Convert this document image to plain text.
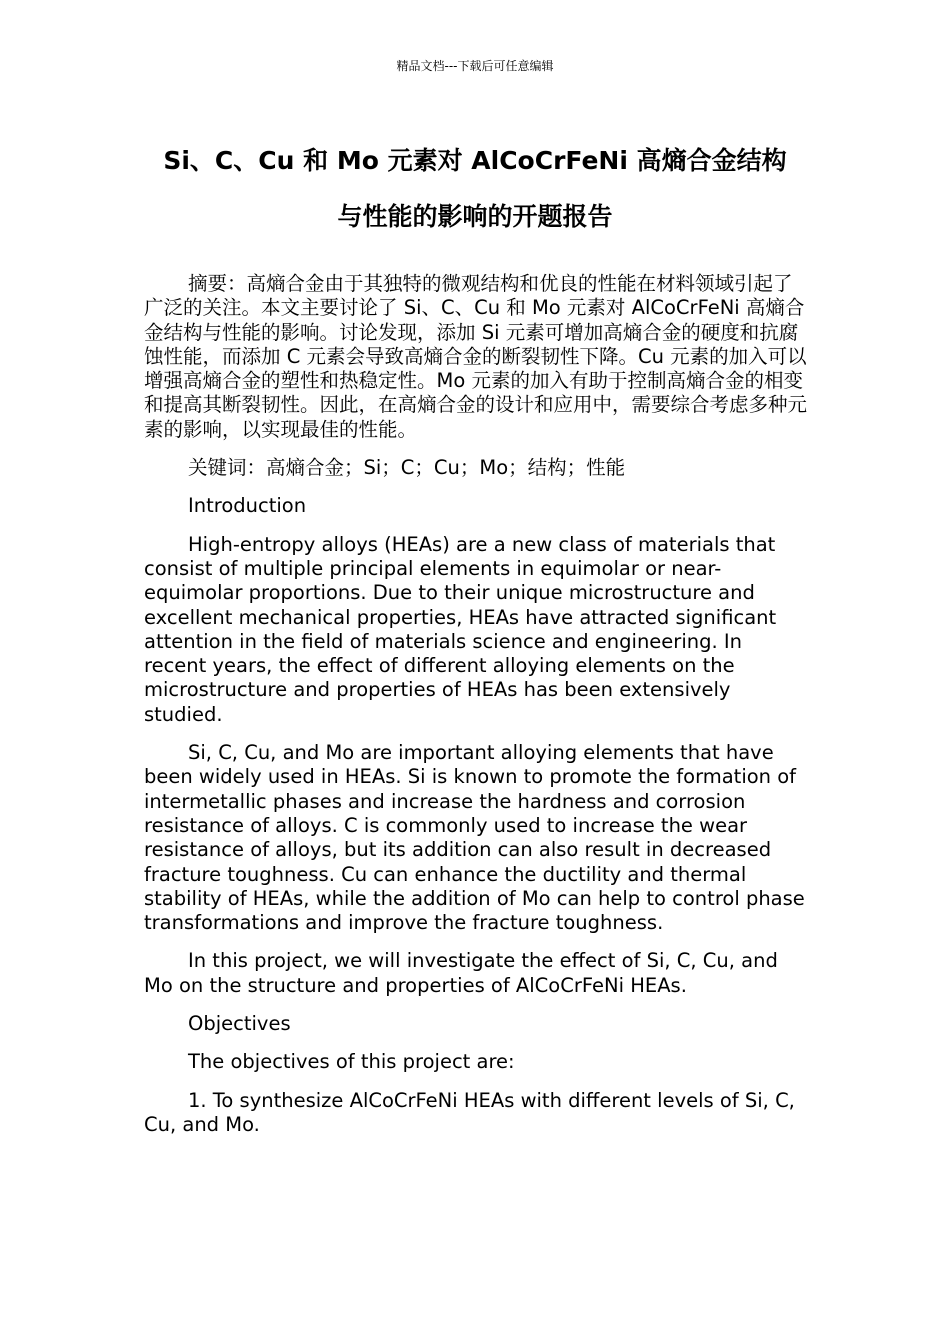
精品文档---下载后可任意编辑
Si、C、Cu 和 Mo 元素对 AlCoCrFeNi 高熵合金结构
与性能的影响的开题报告

摘要：高熵合金由于其独特的微观结构和优良的性能在材料领域引起了广泛的关注。本文主要讨论了 Si、C、Cu 和 Mo 元素对 AlCoCrFeNi 高熵合金结构与性能的影响。讨论发现，添加 Si 元素可增加高熵合金的硬度和抗腐蚀性能，而添加 C 元素会导致高熵合金的断裂韧性下降。Cu 元素的加入可以增强高熵合金的塑性和热稳定性。Mo 元素的加入有助于控制高熵合金的相变和提高其断裂韧性。因此，在高熵合金的设计和应用中，需要综合考虑多种元素的影响，以实现最佳的性能。

关键词：高熵合金；Si；C；Cu；Mo；结构；性能

Introduction

High-entropy alloys (HEAs) are a new class of materials that consist of multiple principal elements in equimolar or near-equimolar proportions. Due to their unique microstructure and excellent mechanical properties, HEAs have attracted significant attention in the field of materials science and engineering. In recent years, the effect of different alloying elements on the microstructure and properties of HEAs has been extensively studied.

Si, C, Cu, and Mo are important alloying elements that have been widely used in HEAs. Si is known to promote the formation of intermetallic phases and increase the hardness and corrosion resistance of alloys. C is commonly used to increase the wear resistance of alloys, but its addition can also result in decreased fracture toughness. Cu can enhance the ductility and thermal stability of HEAs, while the addition of Mo can help to control phase transformations and improve the fracture toughness.

In this project, we will investigate the effect of Si, C, Cu, and Mo on the structure and properties of AlCoCrFeNi HEAs.

Objectives

The objectives of this project are:

1. To synthesize AlCoCrFeNi HEAs with different levels of Si, C, Cu, and Mo.
